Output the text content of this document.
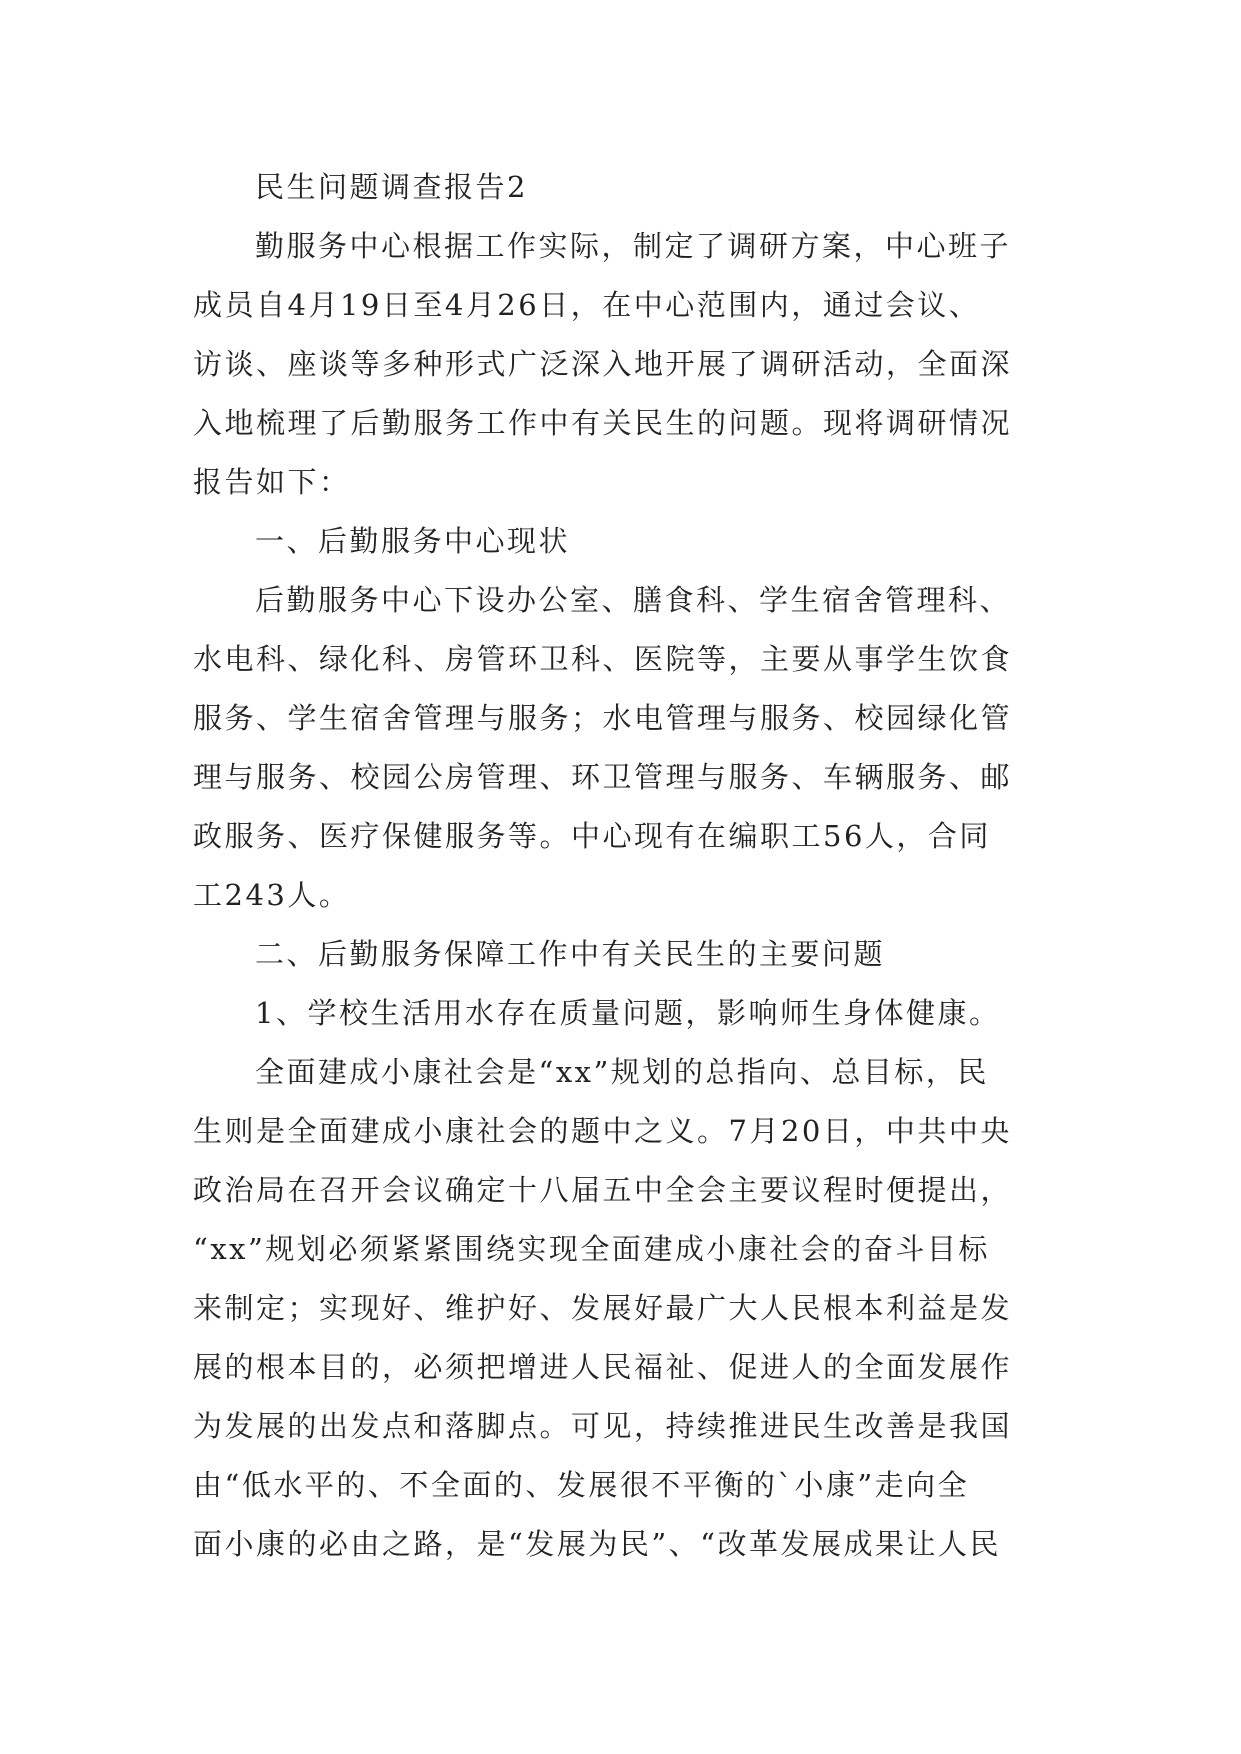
民生问题调查报告2
勤服务中心根据工作实际，制定了调研方案，中心班子
成员自4月19日至4月26日，在中心范围内，通过会议、
访谈、座谈等多种形式广泛深入地开展了调研活动，全面深
入地梳理了后勤服务工作中有关民生的问题。现将调研情况
报告如下：
一、后勤服务中心现状
后勤服务中心下设办公室、膳食科、学生宿舍管理科、
水电科、绿化科、房管环卫科、医院等，主要从事学生饮食
服务、学生宿舍管理与服务；水电管理与服务、校园绿化管
理与服务、校园公房管理、环卫管理与服务、车辆服务、邮
政服务、医疗保健服务等。中心现有在编职工56人，合同
工243人。
二、后勤服务保障工作中有关民生的主要问题
1、学校生活用水存在质量问题，影响师生身体健康。
全面建成小康社会是“xx”规划的总指向、总目标，民
生则是全面建成小康社会的题中之义。7月20日，中共中央
政治局在召开会议确定十八届五中全会主要议程时便提出，
“xx”规划必须紧紧围绕实现全面建成小康社会的奋斗目标
来制定；实现好、维护好、发展好最广大人民根本利益是发
展的根本目的，必须把增进人民福祉、促进人的全面发展作
为发展的出发点和落脚点。可见，持续推进民生改善是我国
由“低水平的、不全面的、发展很不平衡的`小康”走向全
面小康的必由之路，是“发展为民”、“改革发展成果让人民
